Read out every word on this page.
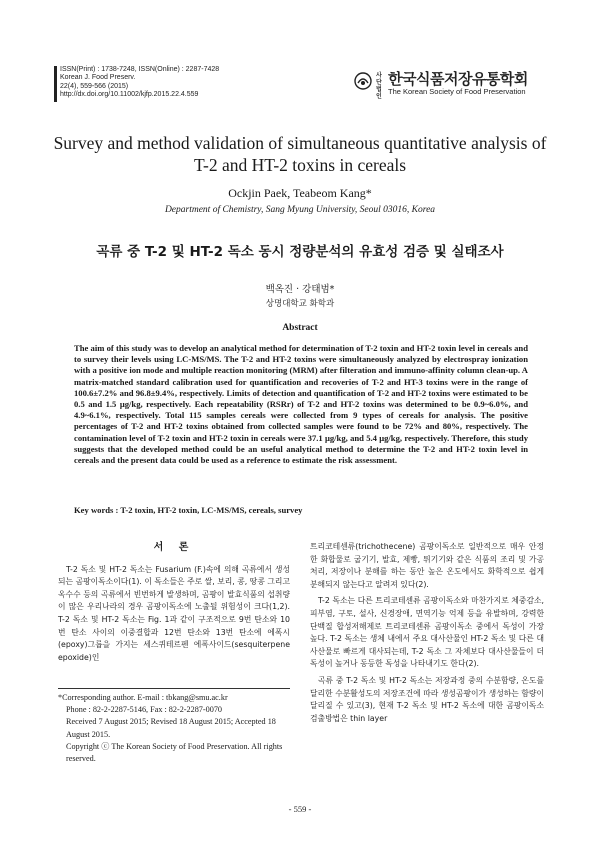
ISSN(Print) : 1738-7248, ISSN(Online) : 2287-7428
Korean J. Food Preserv.
22(4), 559-566 (2015)
http://dx.doi.org/10.11002/kjfp.2015.22.4.559
사단 법인
한국식품저장유통학회
The Korean Society of Food Preservation
Survey and method validation of simultaneous quantitative analysis of
T-2 and HT-2 toxins in cereals
Ockjin Paek, Teabeom Kang*
Department of Chemistry, Sang Myung University, Seoul 03016, Korea
곡류 중 T-2 및 HT-2 독소 동시 정량분석의 유효성 검증 및 실태조사
백옥진 · 강태범*
상명대학교 화학과
Abstract
The aim of this study was to develop an analytical method for determination of T-2 toxin and HT-2 toxin level in cereals and to survey their levels using LC-MS/MS. The T-2 and HT-2 toxins were simultaneously analyzed by electrospray ionization with a positive ion mode and multiple reaction monitoring (MRM) after filteration and immuno-affinity column clean-up. A matrix-matched standard calibration used for quantification and recoveries of T-2 and HT-3 toxins were in the range of 100.6±7.2% and 96.8±9.4%, respectively. Limits of detection and quantification of T-2 and HT-2 toxins were estimated to be 0.5 and 1.5 μg/kg, respectively. Each repeatability (RSRr) of T-2 and HT-2 toxins was determined to be 0.9~6.0%, and 4.9~6.1%, respectively. Total 115 samples cereals were collected from 9 types of cereals for analysis. The positive percentages of T-2 and HT-2 toxins obtained from collected samples were found to be 72% and 80%, respectively. The contamination level of T-2 toxin and HT-2 toxin in cereals were 37.1 μg/kg, and 5.4 μg/kg, respectively. Therefore, this study suggests that the developed method could be an useful analytical method to determine the T-2 and HT-2 toxin level in cereals and the present data could be used as a reference to estimate the risk assessment.
Key words : T-2 toxin, HT-2 toxin, LC-MS/MS, cereals, survey
서 론

T-2 독소 및 HT-2 독소는 Fusarium (F.)속에 의해 곡류에서 생성되는 곰팡이독소이다(1). 이 독소들은 주로 쌀, 보리, 콩, 땅콩 그리고 옥수수 등의 곡류에서 빈번하게 발생하며, 곰팡이 발효식품의 섭취량이 많은 우리나라의 경우 곰팡이독소에 노출될 위험성이 크다(1,2). T-2 독소 및 HT-2 독소는 Fig. 1과 같이 구조적으로 9번 탄소와 10번 탄소 사이의 이중결합과 12번 탄소와 13번 탄소에 에폭시(epoxy)그룹을 가지는 세스퀴테르펜 에폭사이드(sesquiterpene epoxide)인

트리코테센류(trichothecene) 곰팡이독소로 일반적으로 매우 안정한 화합물로 굽기기, 발효, 제빵, 튀기기와 같은 식품의 조리 및 가공처리, 저장이나 분해를 하는 동안 높은 온도에서도 화학적으로 쉽게 분해되지 않는다고 알려져 있다(2).

T-2 독소는 다른 트리코테센류 곰팡이독소와 마찬가지로 체중감소, 피부염, 구토, 설사, 신경장애, 면역기능 억제 등을 유발하며, 강력한 단백질 합성저해제로 트리코테센류 곰팡이독소 중에서 독성이 가장 높다. T-2 독소는 생체 내에서 주요 대사산물인 HT-2 독소 및 다른 대사산물로 빠르게 대사되는데, T-2 독소 그 자체보다 대사산물들이 더 독성이 높거나 동등한 독성을 나타내기도 한다(2).

곡류 중 T-2 독소 및 HT-2 독소는 저장과정 중의 수분함량, 온도를 달리한 수분활성도의 저장조건에 따라 생성곰팡이가 생성하는 함량이 달리질 수 있고(3), 현재 T-2 독소 및 HT-2 독소에 대한 곰팡이독소 검출방법은 thin layer

*Corresponding author. E-mail : tbkang@smu.ac.kr
Phone : 82-2-2287-5146, Fax : 82-2-2287-0070
Received 7 August 2015; Revised 18 August 2015; Accepted 18 August 2015.
Copyright ⓒ The Korean Society of Food Preservation. All rights reserved.
- 559 -
